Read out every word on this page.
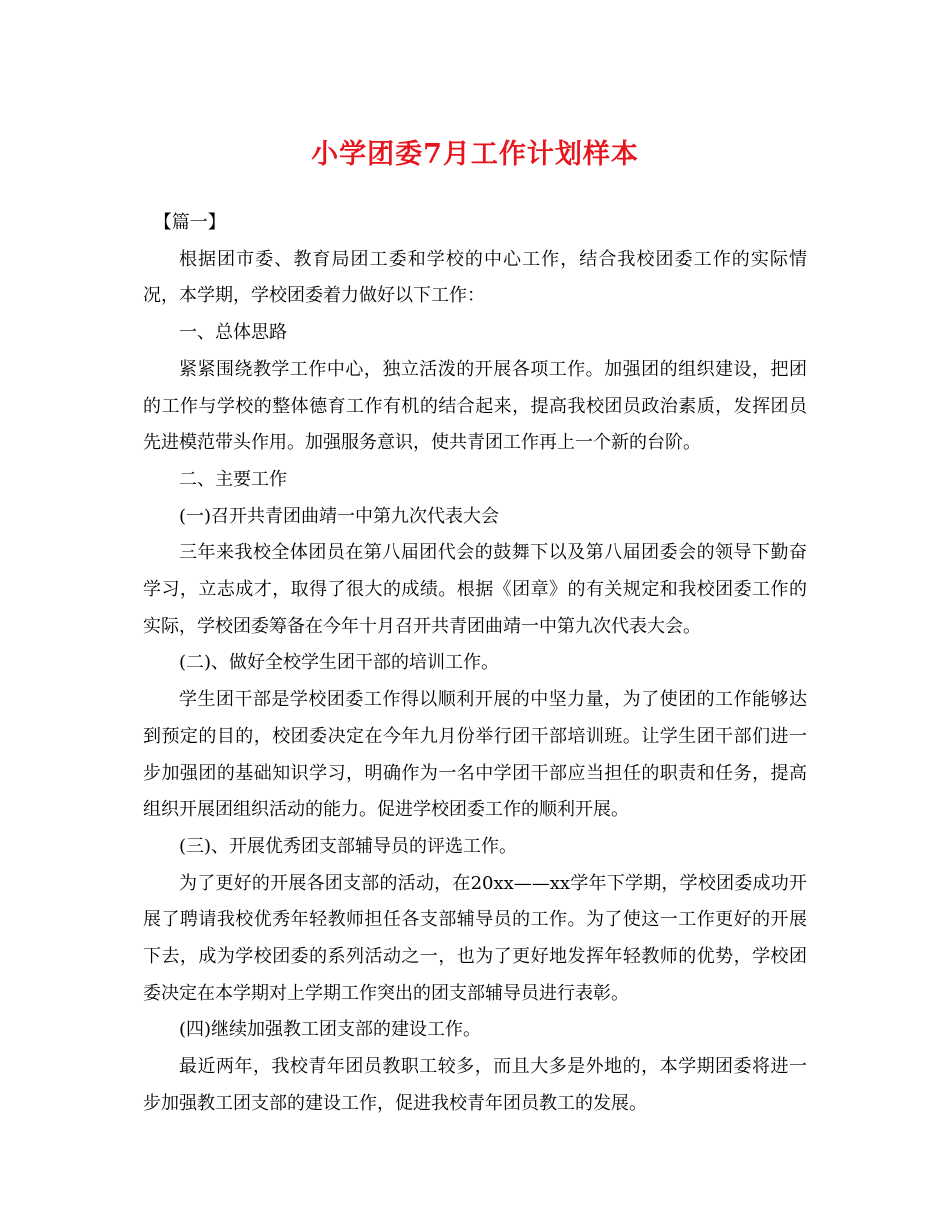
小学团委7月工作计划样本

【篇一】

根据团市委、教育局团工委和学校的中心工作，结合我校团委工作的实际情况，本学期，学校团委着力做好以下工作：

一、总体思路

紧紧围绕教学工作中心，独立活泼的开展各项工作。加强团的组织建设，把团的工作与学校的整体德育工作有机的结合起来，提高我校团员政治素质，发挥团员先进模范带头作用。加强服务意识，使共青团工作再上一个新的台阶。

二、主要工作

(一)召开共青团曲靖一中第九次代表大会

三年来我校全体团员在第八届团代会的鼓舞下以及第八届团委会的领导下勤奋学习，立志成才，取得了很大的成绩。根据《团章》的有关规定和我校团委工作的实际，学校团委筹备在今年十月召开共青团曲靖一中第九次代表大会。

(二)、做好全校学生团干部的培训工作。

学生团干部是学校团委工作得以顺利开展的中坚力量，为了使团的工作能够达到预定的目的，校团委决定在今年九月份举行团干部培训班。让学生团干部们进一步加强团的基础知识学习，明确作为一名中学团干部应当担任的职责和任务，提高组织开展团组织活动的能力。促进学校团委工作的顺利开展。

(三)、开展优秀团支部辅导员的评选工作。

为了更好的开展各团支部的活动，在20xx——xx学年下学期，学校团委成功开展了聘请我校优秀年轻教师担任各支部辅导员的工作。为了使这一工作更好的开展下去，成为学校团委的系列活动之一，也为了更好地发挥年轻教师的优势，学校团委决定在本学期对上学期工作突出的团支部辅导员进行表彰。

(四)继续加强教工团支部的建设工作。

最近两年，我校青年团员教职工较多，而且大多是外地的，本学期团委将进一步加强教工团支部的建设工作，促进我校青年团员教工的发展。
